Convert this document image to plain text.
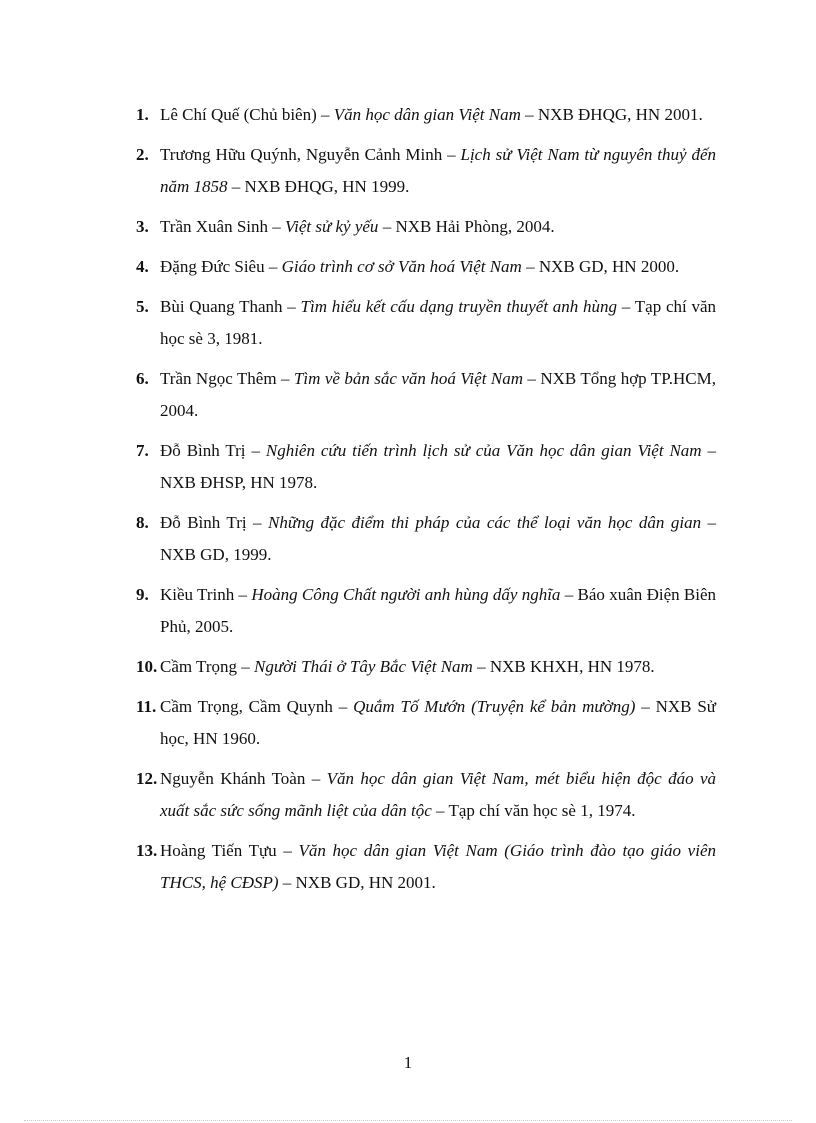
1. Lê Chí Quế (Chủ biên) – Văn học dân gian Việt Nam – NXB ĐHQG, HN 2001.
2. Trương Hữu Quýnh, Nguyễn Cảnh Minh – Lịch sử Việt Nam từ nguyên thuỷ đến năm 1858 – NXB ĐHQG, HN 1999.
3. Trần Xuân Sinh – Việt sử kỷ yếu – NXB Hải Phòng, 2004.
4. Đặng Đức Siêu – Giáo trình cơ sở Văn hoá Việt Nam – NXB GD, HN 2000.
5. Bùi Quang Thanh – Tìm hiểu kết cấu dạng truyền thuyết anh hùng – Tạp chí văn học sè 3, 1981.
6. Trần Ngọc Thêm – Tìm về bản sắc văn hoá Việt Nam – NXB Tổng hợp TP.HCM, 2004.
7. Đỗ Bình Trị – Nghiên cứu tiến trình lịch sử của Văn học dân gian Việt Nam – NXB ĐHSP, HN 1978.
8. Đỗ Bình Trị – Những đặc điểm thi pháp của các thể loại văn học dân gian – NXB GD, 1999.
9. Kiều Trinh – Hoàng Công Chất người anh hùng dấy nghĩa – Báo xuân Điện Biên Phủ, 2005.
10. Cầm Trọng – Người Thái ở Tây Bắc Việt Nam – NXB KHXH, HN 1978.
11. Cầm Trọng, Cầm Quynh – Quắm Tố Mướn (Truyện kể bản mường) – NXB Sử học, HN 1960.
12. Nguyễn Khánh Toàn – Văn học dân gian Việt Nam, mét biểu hiện độc đáo và xuất sắc sức sống mãnh liệt của dân tộc – Tạp chí văn học sè 1, 1974.
13. Hoàng Tiến Tựu – Văn học dân gian Việt Nam (Giáo trình đào tạo giáo viên THCS, hệ CĐSP) – NXB GD, HN 2001.
1
